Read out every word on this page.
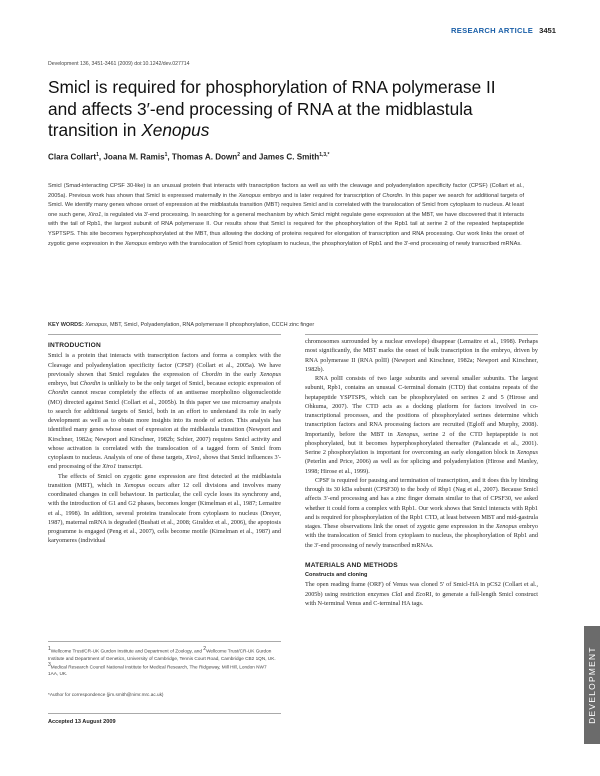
RESEARCH ARTICLE 3451
Development 136, 3451-3461 (2009) doi:10.1242/dev.027714
Smicl is required for phosphorylation of RNA polymerase II and affects 3′-end processing of RNA at the midblastula transition in Xenopus
Clara Collart$^1$, Joana M. Ramis$^1$, Thomas A. Down$^2$ and James C. Smith$^{1,3,*}$

Smicl (Smad-interacting CPSF 30-like) is an unusual protein that interacts with transcription factors as well as with the cleavage and polyadenylation specificity factor (CPSF) (Collart et al., 2005a). Previous work has shown that Smicl is expressed maternally in the Xenopus embryo and is later required for transcription of Chordin. In this paper we search for additional targets of Smicl. We identify many genes whose onset of expression at the midblastula transition (MBT) requires Smicl and is correlated with the translocation of Smicl from cytoplasm to nucleus. At least one such gene, Xiro1, is regulated via 3′-end processing. In searching for a general mechanism by which Smicl might regulate gene expression at the MBT, we have discovered that it interacts with the tail of Rpb1, the largest subunit of RNA polymerase II. Our results show that Smicl is required for the phosphorylation of the Rpb1 tail at serine 2 of the repeated heptapeptide YSPTSPS. This site becomes hyperphosphorylated at the MBT, thus allowing the docking of proteins required for elongation of transcription and RNA processing. Our work links the onset of zygotic gene expression in the Xenopus embryo with the translocation of Smicl from cytoplasm to nucleus, the phosphorylation of Rpb1 and the 3′-end processing of newly transcribed mRNAs.

KEY WORDS: Xenopus, MBT, Smicl, Polyadenylation, RNA polymerase II phosphorylation, CCCH zinc finger

INTRODUCTION

Smicl is a protein that interacts with transcription factors and forms a complex with the Cleavage and polyadenylation specificity factor (CPSF) (Collart et al., 2005a). We have previously shown that Smicl regulates the expression of Chordin in the early Xenopus embryo, but Chordin is unlikely to be the only target of Smicl, because ectopic expression of Chordin cannot rescue completely the effects of an antisense morpholino oligonucleotide (MO) directed against Smicl (Collart et al., 2005b). In this paper we use microarray analysis to search for additional targets of Smicl, both in an effort to understand its role in early development as well as to obtain more insights into its mode of action. This analysis has identified many genes whose onset of expression at the midblastula transition (Newport and Kirschner, 1982a; Newport and Kirschner, 1982b; Schier, 2007) requires Smicl activity and whose activation is correlated with the translocation of a tagged form of Smicl from cytoplasm to nucleus. Analysis of one of these targets, Xiro1, shows that Smicl influences 3′-end processing of the Xiro1 transcript.

The effects of Smicl on zygotic gene expression are first detected at the midblastula transition (MBT), which in Xenopus occurs after 12 cell divisions and involves many coordinated changes in cell behaviour. In particular, the cell cycle loses its synchrony and, with the introduction of G1 and G2 phases, becomes longer (Kimelman et al., 1987; Lemaitre et al., 1998). In addition, several proteins translocate from cytoplasm to nucleus (Dreyer, 1987), maternal mRNA is degraded (Bushati et al., 2008; Giraldez et al., 2006), the apoptosis programme is engaged (Peng et al., 2007), cells become motile (Kimelman et al., 1987) and karyomeres (individual

$^1$Wellcome Trust/CR-UK Gurdon Institute and Department of Zoology, and $^2$Wellcome Trust/CR-UK Gurdon Institute and Department of Genetics, University of Cambridge, Tennis Court Road, Cambridge CB2 1QN, UK. $^3$Medical Research Council National Institute for Medical Research, The Ridgeway, Mill Hill, London NW7 1AA, UK.

*Author for correspondence (jim.smith@nimr.mrc.ac.uk)

Accepted 13 August 2009

chromosomes surrounded by a nuclear envelope) disappear (Lemaitre et al., 1998). Perhaps most significantly, the MBT marks the onset of bulk transcription in the embryo, driven by RNA polymerase II (RNA polII) (Newport and Kirschner, 1982a; Newport and Kirschner, 1982b).

RNA polII consists of two large subunits and several smaller subunits. The largest subunit, Rpb1, contains an unusual C-terminal domain (CTD) that contains repeats of the heptapeptide YSPTSPS, which can be phosphorylated on serines 2 and 5 (Hirose and Ohkuma, 2007). The CTD acts as a docking platform for factors involved in co-transcriptional processes, and the positions of phosphorylated serines determine which transcription factors and RNA processing factors are recruited (Egloff and Murphy, 2008). Importantly, before the MBT in Xenopus, serine 2 of the CTD heptapeptide is not phosphorylated, but it becomes hyperphosphorylated thereafter (Palancade et al., 2001). Serine 2 phosphorylation is important for overcoming an early elongation block in Xenopus (Peterlin and Price, 2006) as well as for splicing and polyadenylation (Hirose and Manley, 1998; Hirose et al., 1999).

CPSF is required for pausing and termination of transcription, and it does this by binding through its 30 kDa subunit (CPSF30) to the body of Rbp1 (Nag et al., 2007). Because Smicl affects 3′-end processing and has a zinc finger domain similar to that of CPSF30, we asked whether it could form a complex with Rpb1. Our work shows that Smicl interacts with Rpb1 and is required for phosphorylation of the Rpb1 CTD, at least between MBT and mid-gastrula stages. These observations link the onset of zygotic gene expression in the Xenopus embryo with the translocation of Smicl from cytoplasm to nucleus, the phosphorylation of Rpb1 and the 3′-end processing of newly transcribed mRNAs.

MATERIALS AND METHODS
Constructs and cloning

The open reading frame (ORF) of Venus was cloned 5′ of Smicl-HA in pCS2 (Collart et al., 2005b) using restriction enzymes ClaI and EcoRI, to generate a full-length Smicl construct with N-terminal Venus and C-terminal HA tags.

DEVELOPMENT
